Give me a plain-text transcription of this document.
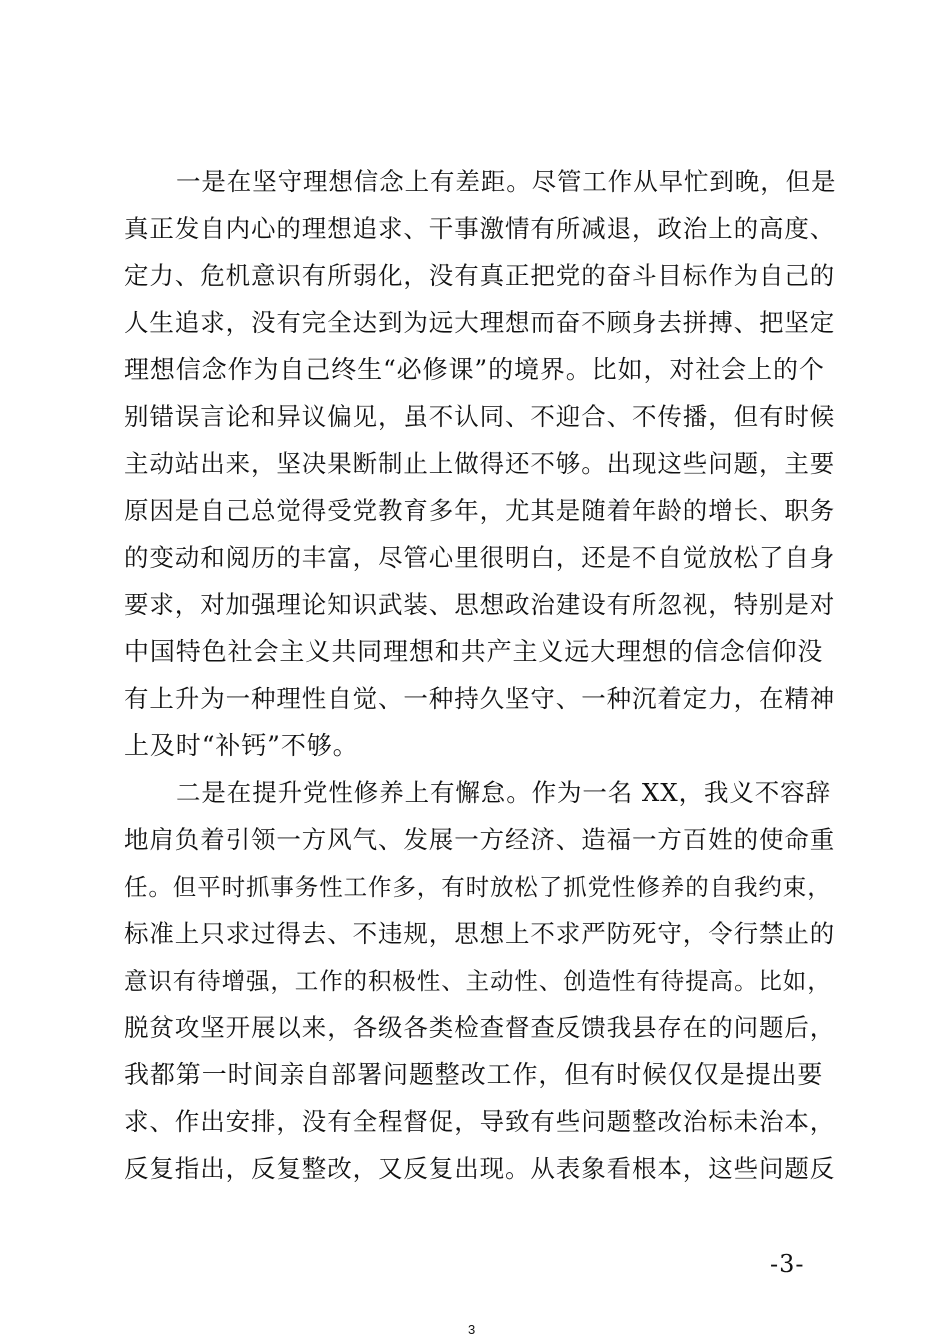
一是在坚守理想信念上有差距。尽管工作从早忙到晚，但是
真正发自内心的理想追求、干事激情有所减退，政治上的高度、
定力、危机意识有所弱化，没有真正把党的奋斗目标作为自己的
人生追求，没有完全达到为远大理想而奋不顾身去拼搏、把坚定
理想信念作为自己终生“必修课”的境界。比如，对社会上的个
别错误言论和异议偏见，虽不认同、不迎合、不传播，但有时候
主动站出来，坚决果断制止上做得还不够。出现这些问题，主要
原因是自己总觉得受党教育多年，尤其是随着年龄的增长、职务
的变动和阅历的丰富，尽管心里很明白，还是不自觉放松了自身
要求，对加强理论知识武装、思想政治建设有所忽视，特别是对
中国特色社会主义共同理想和共产主义远大理想的信念信仰没
有上升为一种理性自觉、一种持久坚守、一种沉着定力，在精神
上及时“补钙”不够。
二是在提升党性修养上有懈怠。作为一名 XX，我义不容辞
地肩负着引领一方风气、发展一方经济、造福一方百姓的使命重
任。但平时抓事务性工作多，有时放松了抓党性修养的自我约束，
标准上只求过得去、不违规，思想上不求严防死守，令行禁止的
意识有待增强，工作的积极性、主动性、创造性有待提高。比如，
脱贫攻坚开展以来，各级各类检查督查反馈我县存在的问题后，
我都第一时间亲自部署问题整改工作，但有时候仅仅是提出要
求、作出安排，没有全程督促，导致有些问题整改治标未治本，
反复指出，反复整改，又反复出现。从表象看根本，这些问题反
-3-
3
